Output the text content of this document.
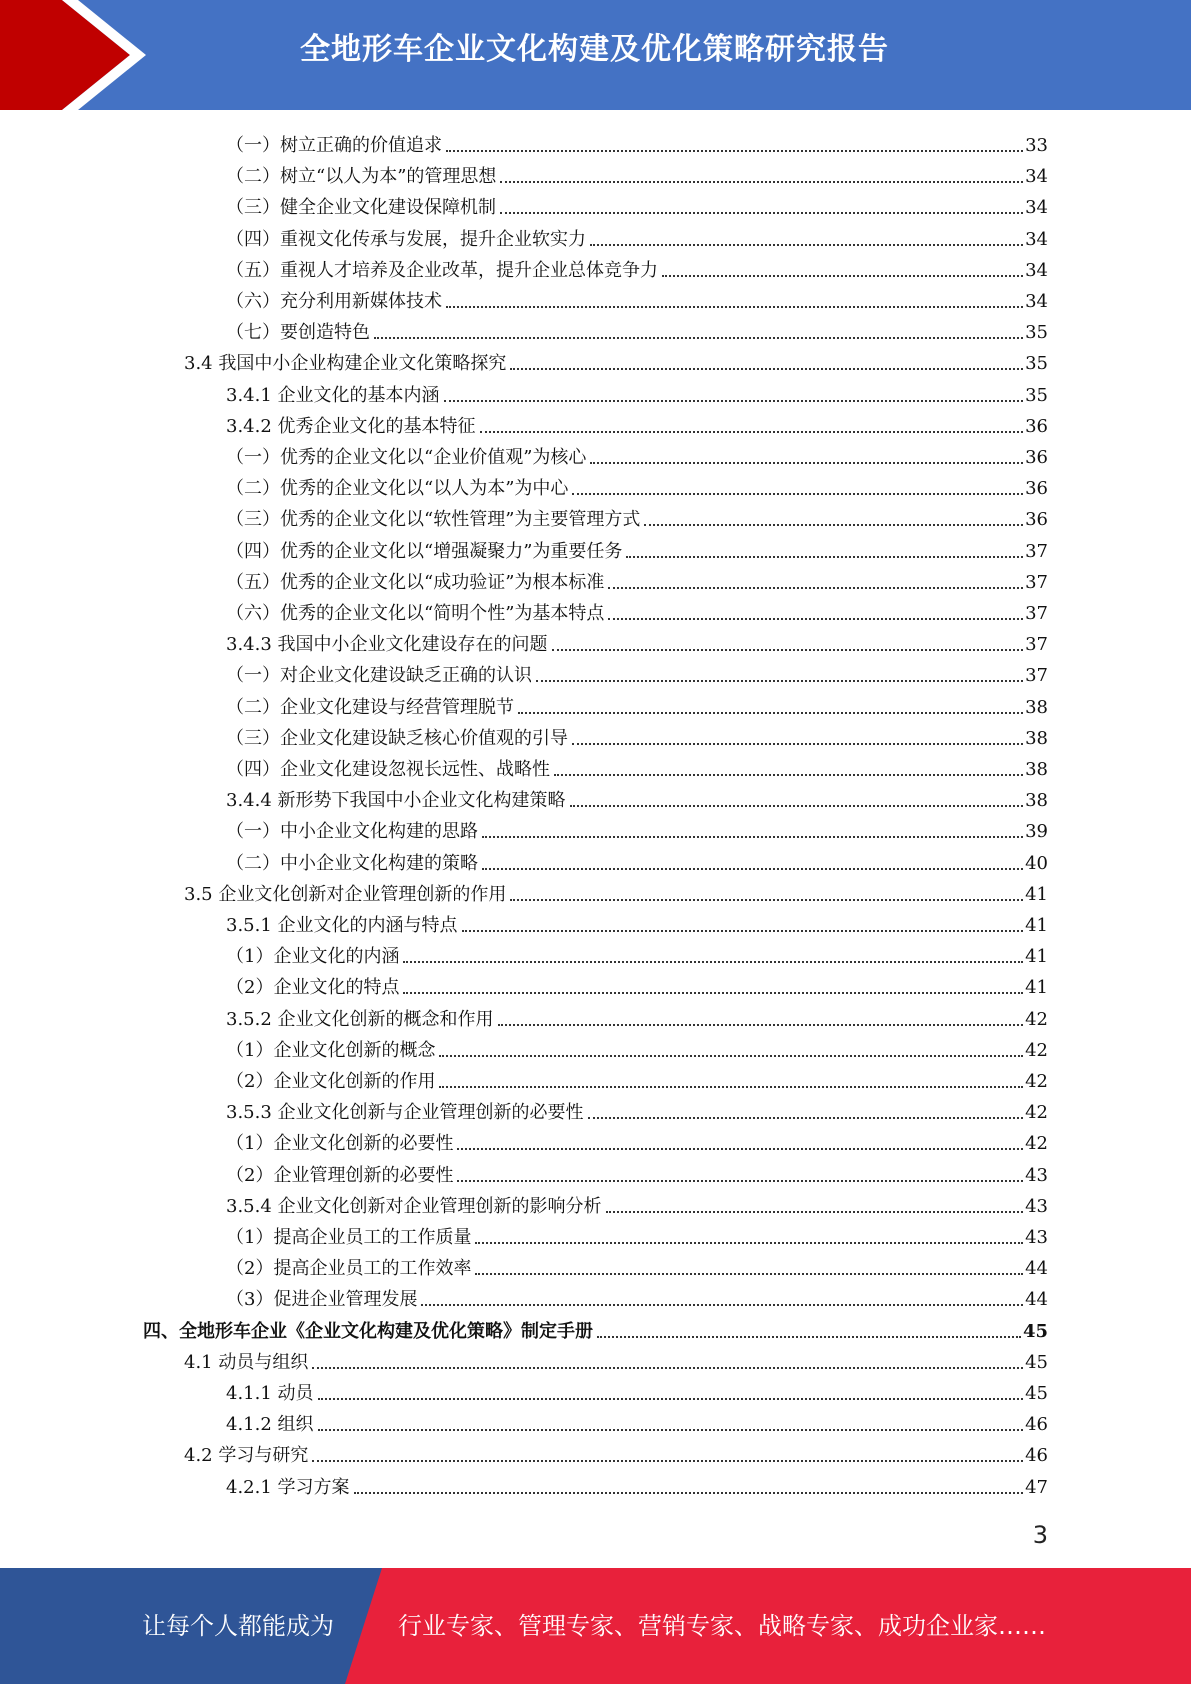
全地形车企业文化构建及优化策略研究报告
（一）树立正确的价值追求	33
（二）树立“以人为本”的管理思想	34
（三）健全企业文化建设保障机制	34
（四）重视文化传承与发展，提升企业软实力	34
（五）重视人才培养及企业改革，提升企业总体竞争力	34
（六）充分利用新媒体技术	34
（七）要创造特色	35
3.4 我国中小企业构建企业文化策略探究	35
3.4.1 企业文化的基本内涵	35
3.4.2 优秀企业文化的基本特征	36
（一）优秀的企业文化以“企业价值观”为核心	36
（二）优秀的企业文化以“以人为本”为中心	36
（三）优秀的企业文化以“软性管理”为主要管理方式	36
（四）优秀的企业文化以“增强凝聚力”为重要任务	37
（五）优秀的企业文化以“成功验证”为根本标准	37
（六）优秀的企业文化以“简明个性”为基本特点	37
3.4.3 我国中小企业文化建设存在的问题	37
（一）对企业文化建设缺乏正确的认识	37
（二）企业文化建设与经营管理脱节	38
（三）企业文化建设缺乏核心价值观的引导	38
（四）企业文化建设忽视长远性、战略性	38
3.4.4 新形势下我国中小企业文化构建策略	38
（一）中小企业文化构建的思路	39
（二）中小企业文化构建的策略	40
3.5 企业文化创新对企业管理创新的作用	41
3.5.1 企业文化的内涵与特点	41
（1）企业文化的内涵	41
（2）企业文化的特点	41
3.5.2 企业文化创新的概念和作用	42
（1）企业文化创新的概念	42
（2）企业文化创新的作用	42
3.5.3 企业文化创新与企业管理创新的必要性	42
（1）企业文化创新的必要性	42
（2）企业管理创新的必要性	43
3.5.4 企业文化创新对企业管理创新的影响分析	43
（1）提高企业员工的工作质量	43
（2）提高企业员工的工作效率	44
（3）促进企业管理发展	44
四、全地形车企业《企业文化构建及优化策略》制定手册	45
4.1 动员与组织	45
4.1.1 动员	45
4.1.2 组织	46
4.2 学习与研究	46
4.2.1 学习方案	47
3
让每个人都能成为	行业专家、管理专家、营销专家、战略专家、成功企业家……
